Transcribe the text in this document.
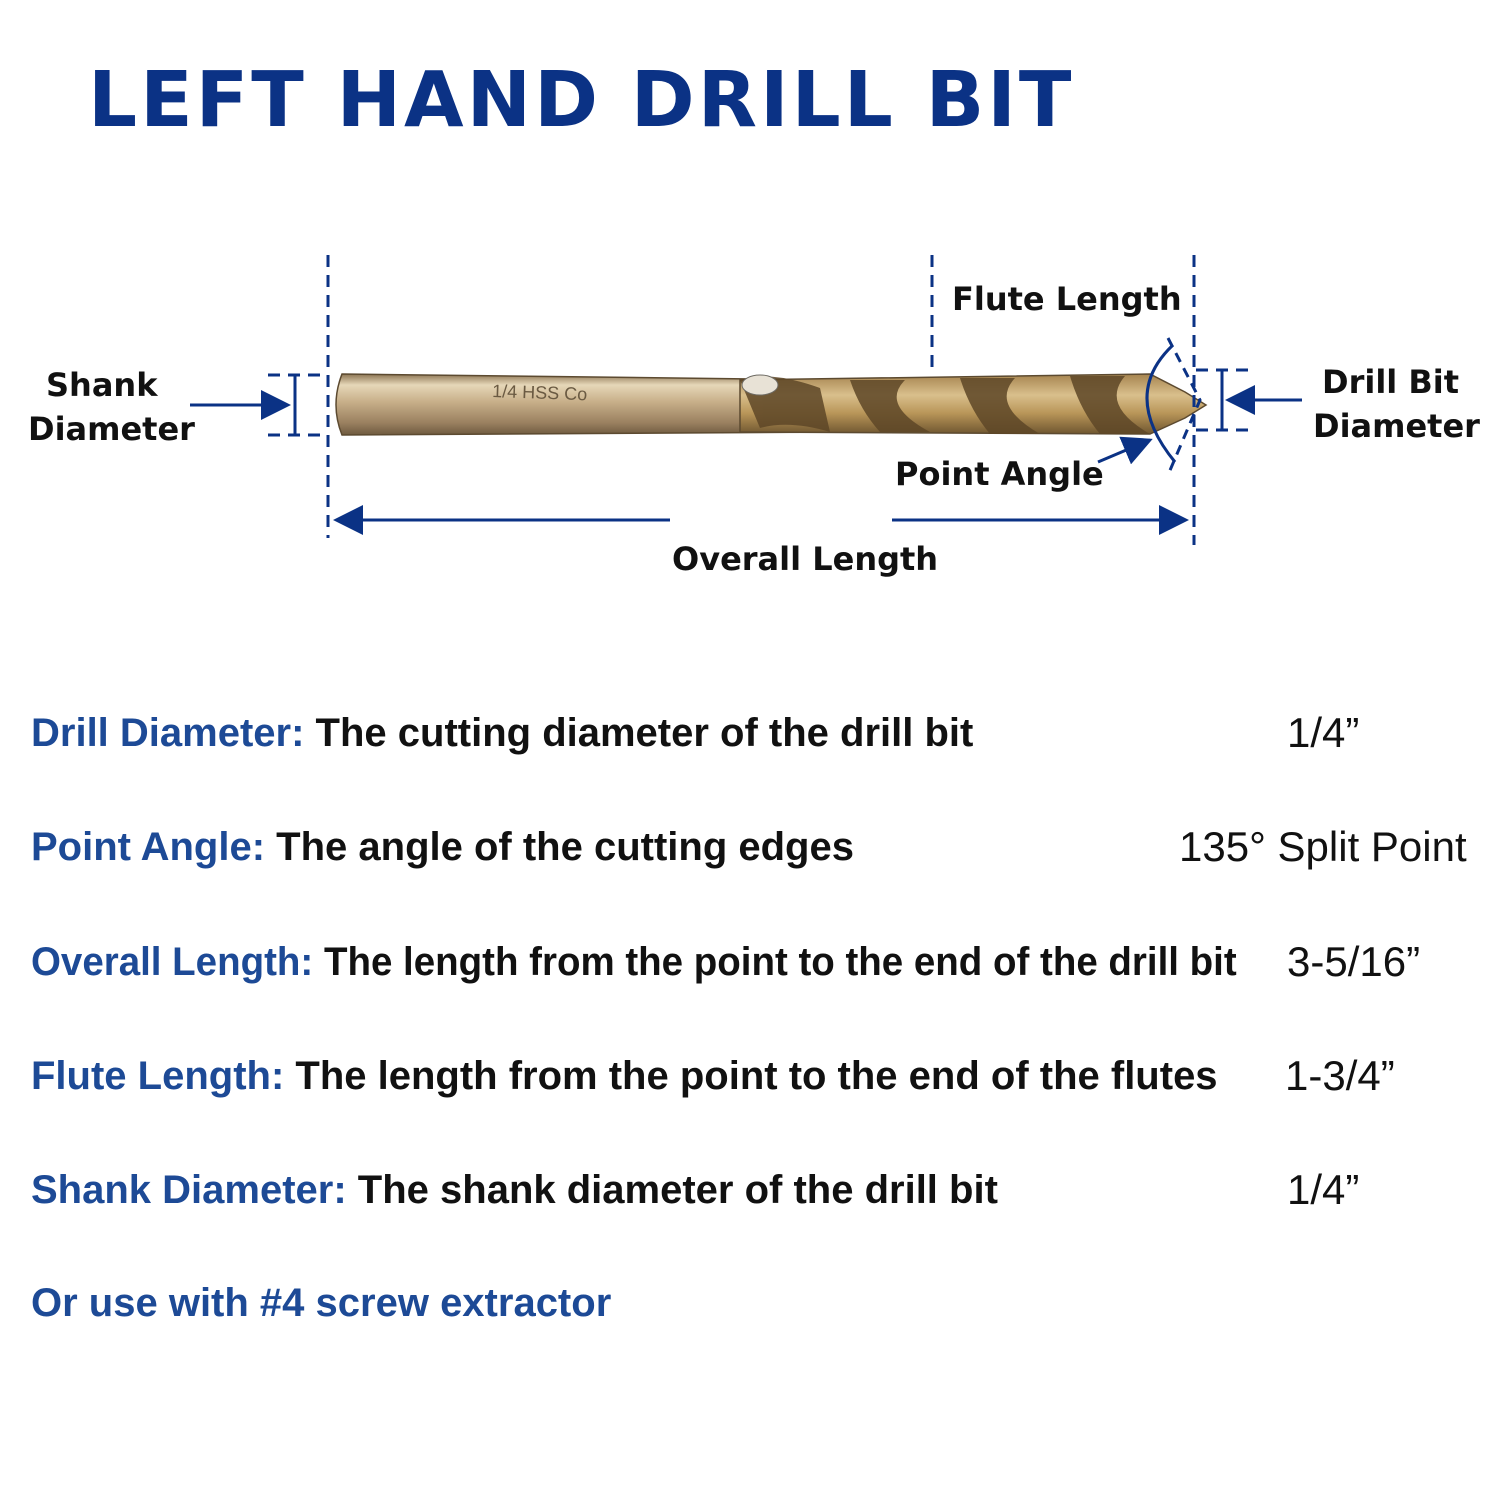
LEFT HAND DRILL BIT
1/4 HSS Co
Shank
Diameter
Drill Bit
Diameter
Flute Length
Point Angle
Overall Length
Drill Diameter: The cutting diameter of the drill bit	1/4”
Point Angle: The angle of the cutting edges	135° Split Point
Overall Length: The length from the point to the end of the drill bit 3-5/16”
Flute Length: The length from the point to the end of the flutes 1-3/4”
Shank Diameter: The shank diameter of the drill bit	1/4”
Or use with #4 screw extractor
